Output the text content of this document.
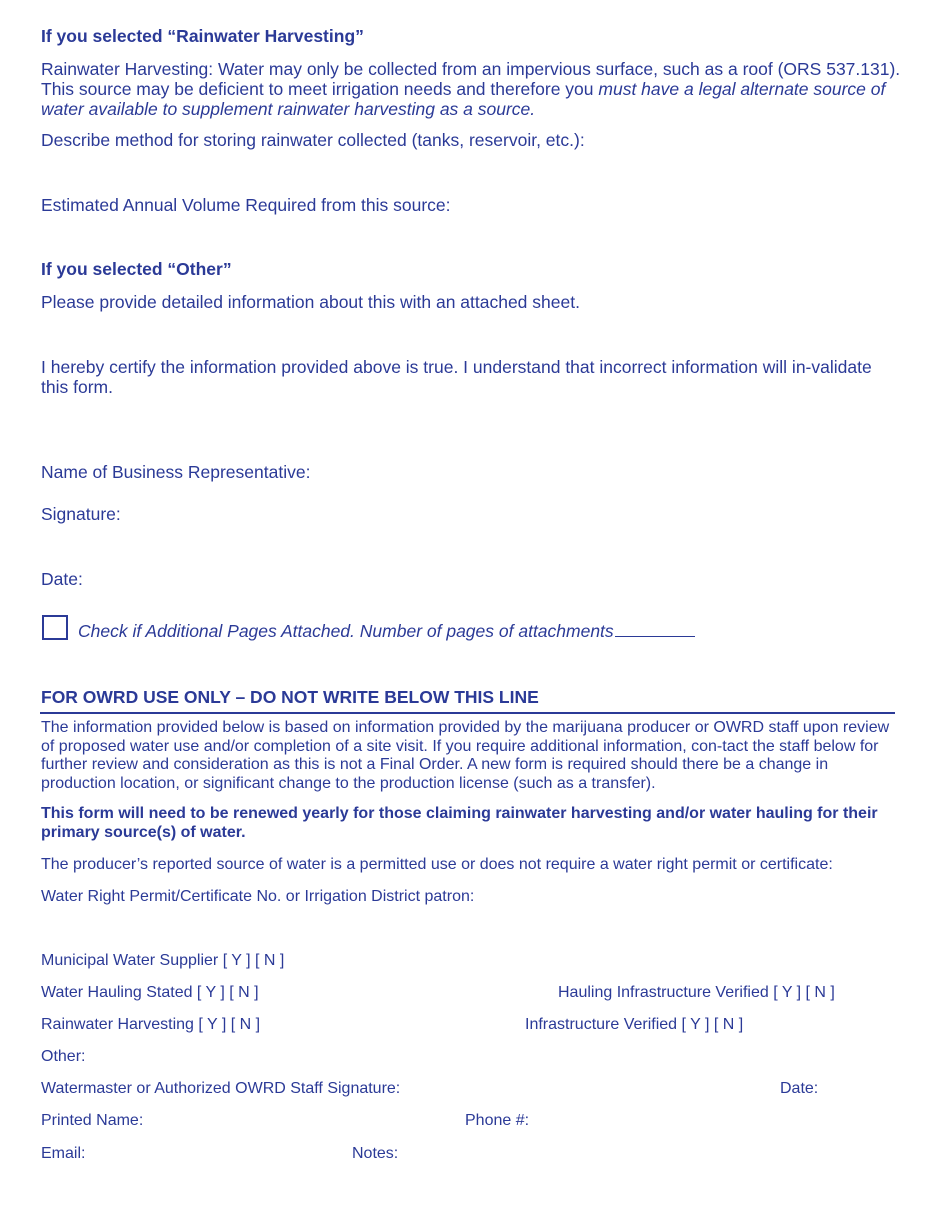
If you selected “Rainwater Harvesting”
Rainwater Harvesting: Water may only be collected from an impervious surface, such as a roof (ORS 537.131). This source may be deficient to meet irrigation needs and therefore you must have a legal alternate source of water available to supplement rainwater harvesting as a source.
Describe method for storing rainwater collected (tanks, reservoir, etc.):
Estimated Annual Volume Required from this source:
If you selected “Other”
Please provide detailed information about this with an attached sheet.
I hereby certify the information provided above is true. I understand that incorrect information will in-validate this form.
Name of Business Representative:
Signature:
Date:
Check if Additional Pages Attached. Number of pages of attachments
FOR OWRD USE ONLY – DO NOT WRITE BELOW THIS LINE
The information provided below is based on information provided by the marijuana producer or OWRD staff upon review of proposed water use and/or completion of a site visit. If you require additional information, con-tact the staff below for further review and consideration as this is not a Final Order. A new form is required should there be a change in production location, or significant change to the production license (such as a transfer).
This form will need to be renewed yearly for those claiming rainwater harvesting and/or water hauling for their primary source(s) of water.
The producer’s reported source of water is a permitted use or does not require a water right permit or certificate:
Water Right Permit/Certificate No. or Irrigation District patron:
Municipal Water Supplier [ Y ] [ N ]
Water Hauling Stated [ Y ] [ N ]	Hauling Infrastructure Verified [ Y ] [ N ]
Rainwater Harvesting [ Y ] [ N ]	Infrastructure Verified [ Y ] [ N ]
Other:
Watermaster or Authorized OWRD Staff Signature:	Date:
Printed Name:	Phone #:
Email:	Notes:
